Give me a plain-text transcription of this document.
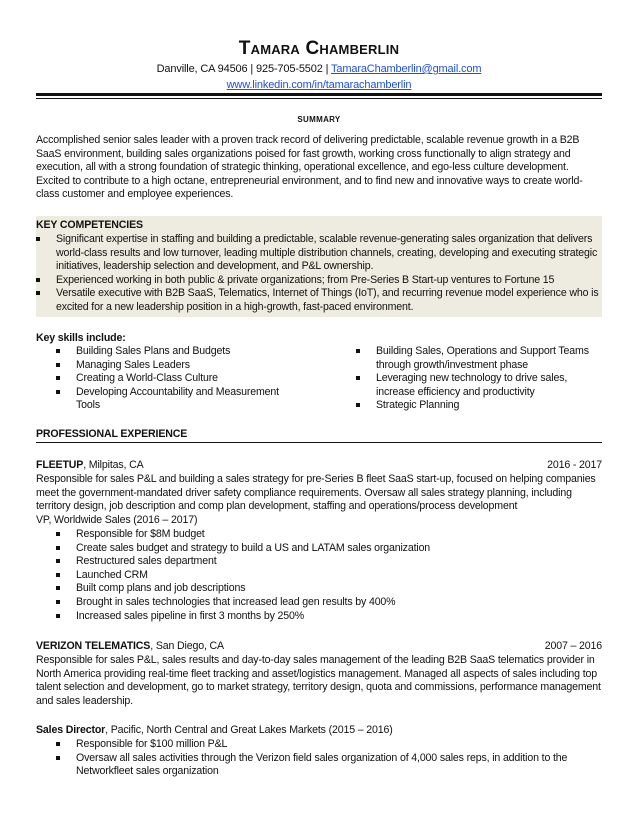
Tamara Chamberlin
Danville, CA 94506 | 925-705-5502 | TamaraChamberlin@gmail.com
www.linkedin.com/in/tamarachamberlin
SUMMARY
Accomplished senior sales leader with a proven track record of delivering predictable, scalable revenue growth in a B2B SaaS environment, building sales organizations poised for fast growth, working cross functionally to align strategy and execution, all with a strong foundation of strategic thinking, operational excellence, and ego-less culture development. Excited to contribute to a high octane, entrepreneurial environment, and to find new and innovative ways to create world-class customer and employee experiences.
KEY COMPETENCIES
Significant expertise in staffing and building a predictable, scalable revenue-generating sales organization that delivers world-class results and low turnover, leading multiple distribution channels, creating, developing and executing strategic initiatives, leadership selection and development, and P&L ownership.
Experienced working in both public & private organizations; from Pre-Series B Start-up ventures to Fortune 15
Versatile executive with B2B SaaS, Telematics, Internet of Things (IoT), and recurring revenue model experience who is excited for a new leadership position in a high-growth, fast-paced environment.
Key skills include:
Building Sales Plans and Budgets
Managing Sales Leaders
Creating a World-Class Culture
Developing Accountability and Measurement Tools
Building Sales, Operations and Support Teams through growth/investment phase
Leveraging new technology to drive sales, increase efficiency and productivity
Strategic Planning
PROFESSIONAL EXPERIENCE
FLEETUP, Milpitas, CA	2016 - 2017
Responsible for sales P&L and building a sales strategy for pre-Series B fleet SaaS start-up, focused on helping companies meet the government-mandated driver safety compliance requirements. Oversaw all sales strategy planning, including territory design, job description and comp plan development, staffing and operations/process development
VP, Worldwide Sales (2016 – 2017)
Responsible for $8M budget
Create sales budget and strategy to build a US and LATAM sales organization
Restructured sales department
Launched CRM
Built comp plans and job descriptions
Brought in sales technologies that increased lead gen results by 400%
Increased sales pipeline in first 3 months by 250%
VERIZON TELEMATICS, San Diego, CA	2007 – 2016
Responsible for sales P&L, sales results and day-to-day sales management of the leading B2B SaaS telematics provider in North America providing real-time fleet tracking and asset/logistics management. Managed all aspects of sales including top talent selection and development, go to market strategy, territory design, quota and commissions, performance management and sales leadership.
Sales Director, Pacific, North Central and Great Lakes Markets (2015 – 2016)
Responsible for $100 million P&L
Oversaw all sales activities through the Verizon field sales organization of 4,000 sales reps, in addition to the Networkfleet sales organization
